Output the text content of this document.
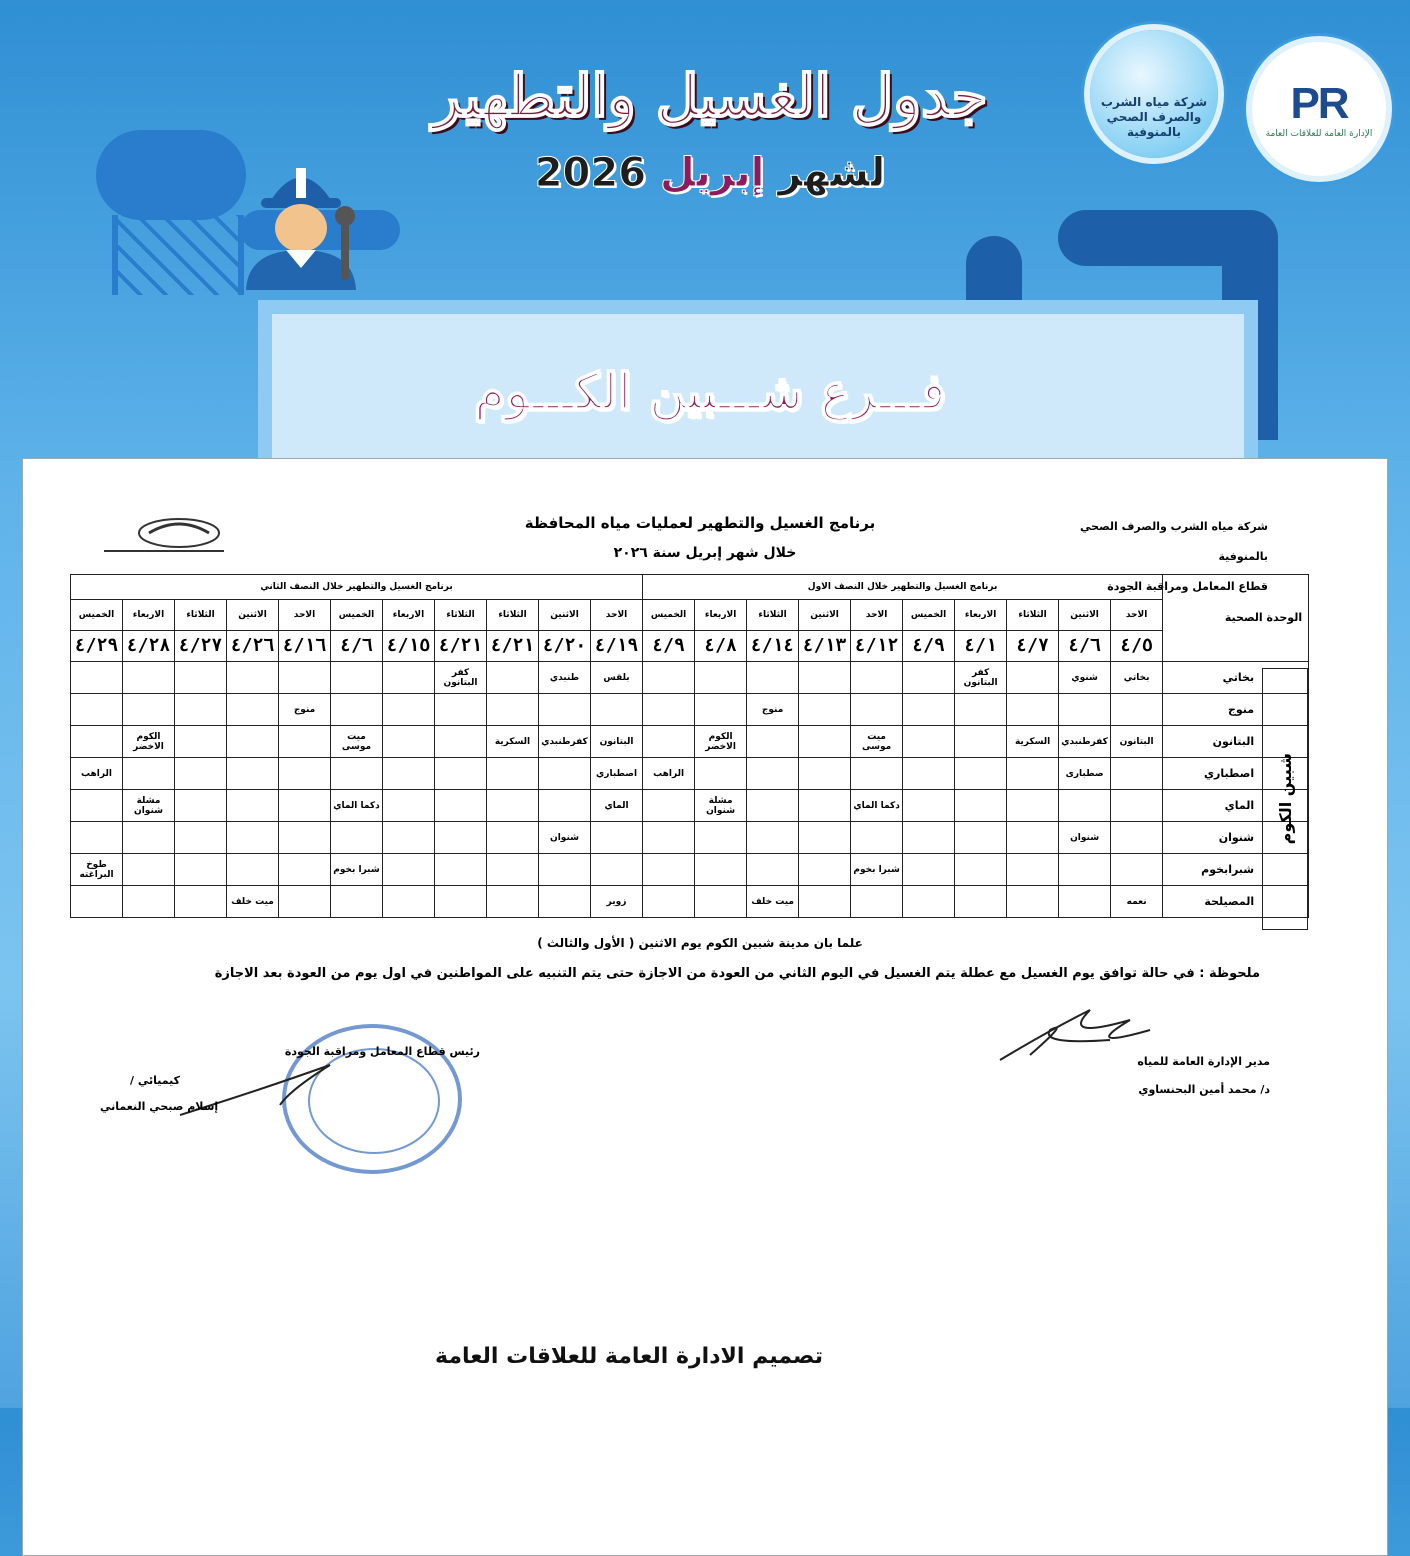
PR
الإدارة العامة للعلاقات العامة
شركة مياه الشرب والصرف الصحي بالمنوفية
جدول الغسيل والتطهير
لشهر إبريل 2026
فـــرع شـــبين الكـــوم
شركة مياه الشرب والصرف الصحي بالمنوفية
قطاع المعامل ومراقبة الجودة
برنامج الغسيل والتطهير لعمليات مياه المحافظة
خلال شهر إبريل سنة ٢٠٢٦
برنامج الغسيل والتطهير خلال النصف الثاني											برنامج الغسيل والتطهير خلال النصف الاول										الوحدة الصحية
الخميس	الاربعاء	الثلاثاء	الاثنين	الاحد	الخميس	الاربعاء	الثلاثاء	الثلاثاء	الاثنين	الاحد	الخميس	الاربعاء	الثلاثاء	الاثنين	الاحد	الخميس	الاربعاء	الثلاثاء	الاثنين	الاحد	
٤/٢٩	٤/٢٨	٤/٢٧	٤/٢٦	٤/١٦	٤/٦	٤/١٥	٤/٢١	٤/٢١	٤/٢٠	٤/١٩	٤/٩	٤/٨	٤/١٤	٤/١٣	٤/١٢	٤/٩	٤/١	٤/٧	٤/٦	٤/٥	
							كفر البتانون		طنبدي	بلقس							كفر البتانون		شنوي	بخاتي	بخاتي
				منوج									منوج								منوج
	الكوم الاخضر				ميت موسى			السكرية	كفرطنبدي	البتانون		الكوم الاخضر			ميت موسى			السكرية	كفرطنبدي	البتانون	البتانون
الراهب										اصطباري	الراهب								صطبارى		اصطباري
	مشلة شنوان				دكما الماي					الماي		مشلة شنوان			دكما الماي						الماي
									شنوان										شنوان		شنوان
طوخ البراغته					شبرا بخوم										شبرا بخوم						شبرابخوم
			ميت خلف							زوير			ميت خلف							نعمه	المصيلحة
شبين الكوم
علما بان مدينة شبين الكوم يوم الاثنين ( الأول والثالث )
ملحوظة : في حالة توافق يوم الغسيل مع عطلة يتم الغسيل في اليوم الثاني من العودة من الاجازة حتى يتم التنبيه على المواطنين في اول يوم من العودة بعد الاجازة
مدير الإدارة العامة للمياه
د/ محمد أمين البحنساوي
رئيس قطاع المعامل ومراقبة الجودة
كيميائي /
إسلام صبحي النعماني
تصميم الادارة العامة للعلاقات العامة
